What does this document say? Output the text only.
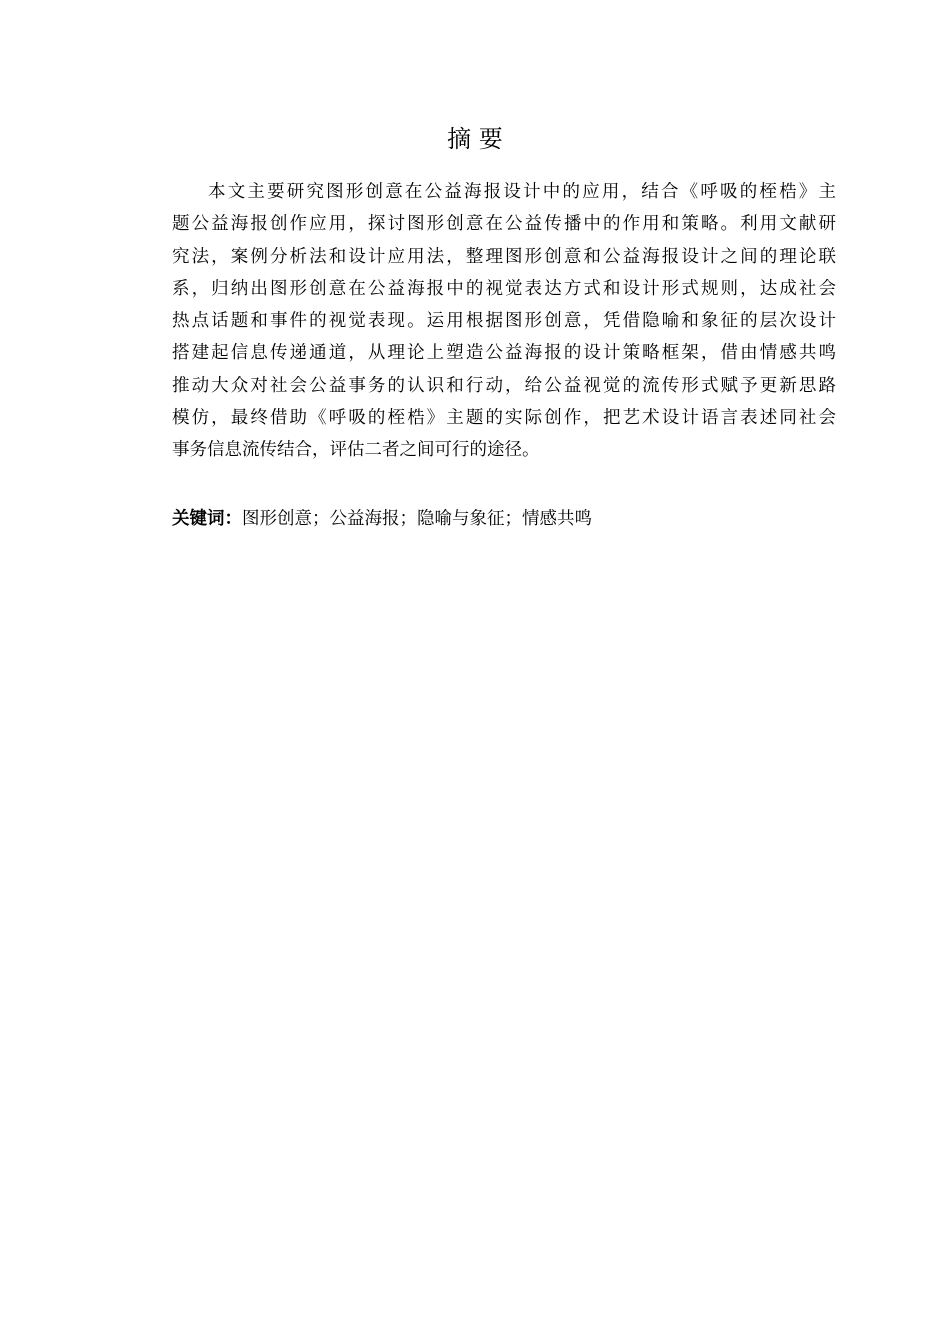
摘 要
本文主要研究图形创意在公益海报设计中的应用，结合《呼吸的桎梏》主
题公益海报创作应用，探讨图形创意在公益传播中的作用和策略。利用文献研
究法，案例分析法和设计应用法，整理图形创意和公益海报设计之间的理论联
系，归纳出图形创意在公益海报中的视觉表达方式和设计形式规则，达成社会
热点话题和事件的视觉表现。运用根据图形创意，凭借隐喻和象征的层次设计
搭建起信息传递通道，从理论上塑造公益海报的设计策略框架，借由情感共鸣
推动大众对社会公益事务的认识和行动，给公益视觉的流传形式赋予更新思路
模仿，最终借助《呼吸的桎梏》主题的实际创作，把艺术设计语言表述同社会
事务信息流传结合，评估二者之间可行的途径。
关键词：图形创意；公益海报；隐喻与象征；情感共鸣
